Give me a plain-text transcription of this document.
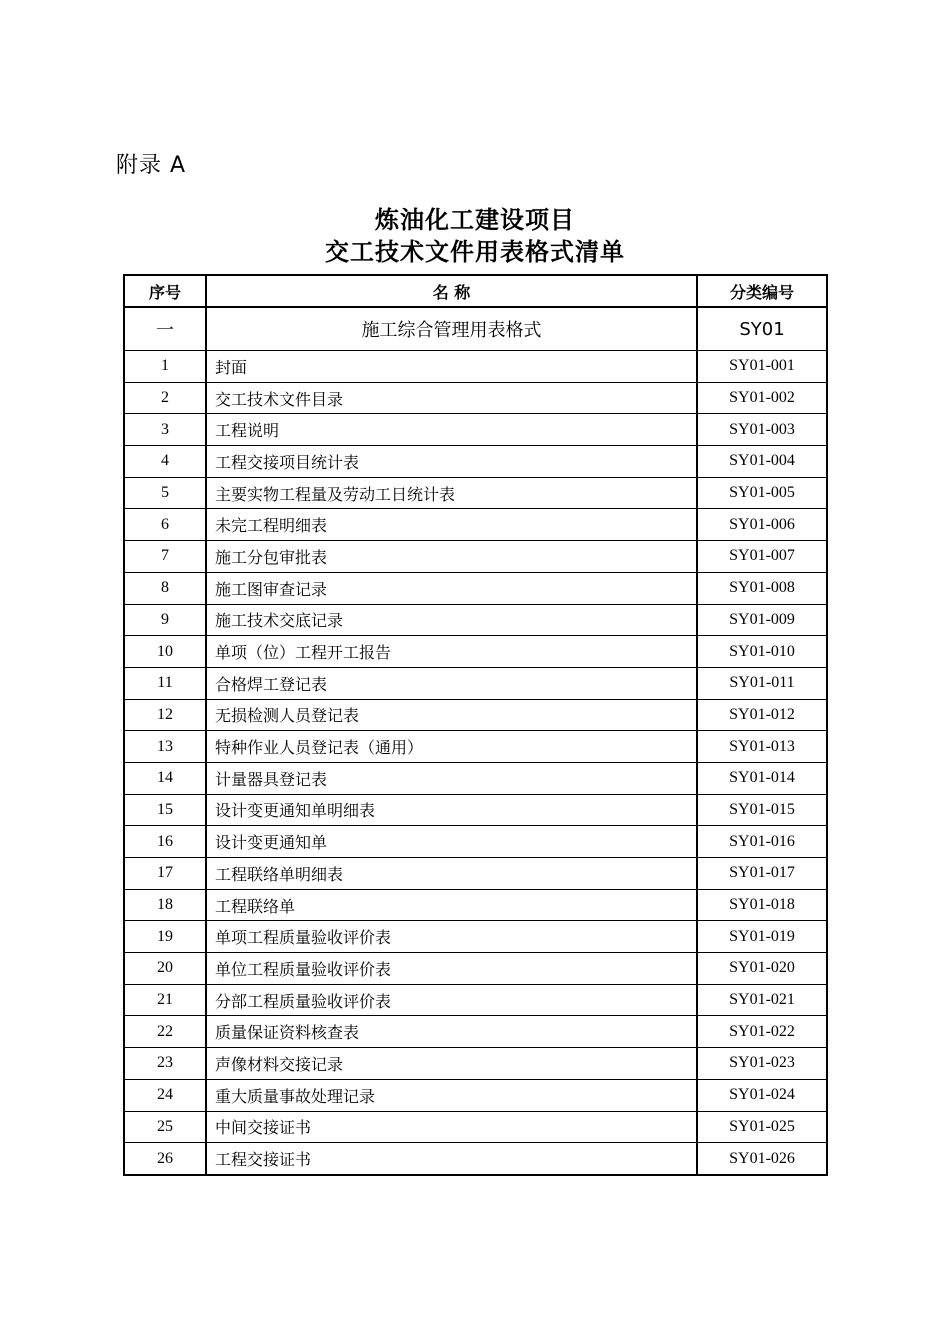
附录 A
炼油化工建设项目
交工技术文件用表格式清单
序号	名 称	分类编号
一	施工综合管理用表格式	SY01
1	封面	SY01-001
2	交工技术文件目录	SY01-002
3	工程说明	SY01-003
4	工程交接项目统计表	SY01-004
5	主要实物工程量及劳动工日统计表	SY01-005
6	未完工程明细表	SY01-006
7	施工分包审批表	SY01-007
8	施工图审查记录	SY01-008
9	施工技术交底记录	SY01-009
10	单项（位）工程开工报告	SY01-010
11	合格焊工登记表	SY01-011
12	无损检测人员登记表	SY01-012
13	特种作业人员登记表（通用）	SY01-013
14	计量器具登记表	SY01-014
15	设计变更通知单明细表	SY01-015
16	设计变更通知单	SY01-016
17	工程联络单明细表	SY01-017
18	工程联络单	SY01-018
19	单项工程质量验收评价表	SY01-019
20	单位工程质量验收评价表	SY01-020
21	分部工程质量验收评价表	SY01-021
22	质量保证资料核查表	SY01-022
23	声像材料交接记录	SY01-023
24	重大质量事故处理记录	SY01-024
25	中间交接证书	SY01-025
26	工程交接证书	SY01-026
